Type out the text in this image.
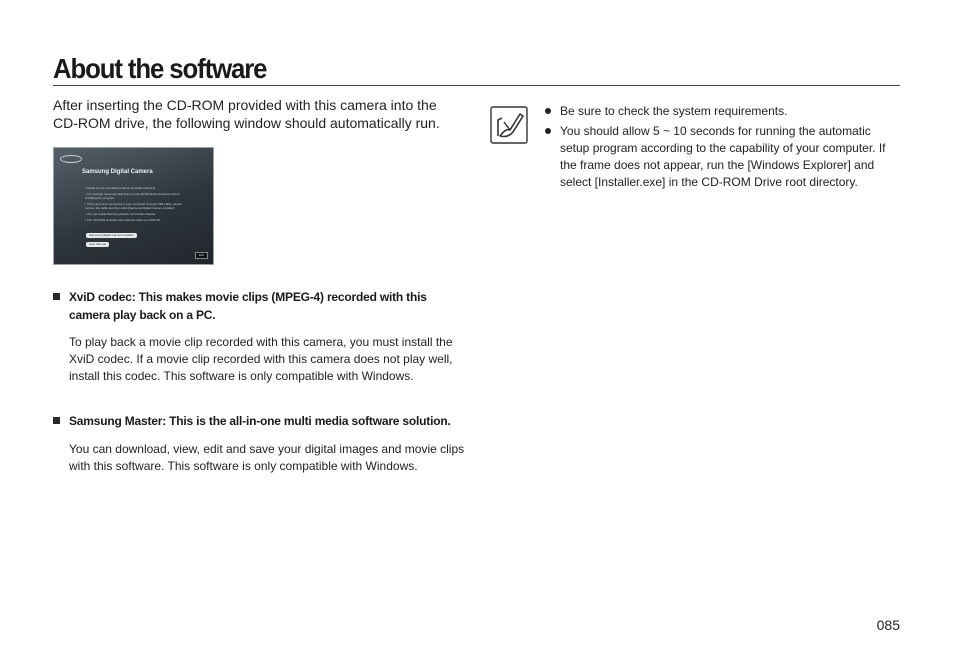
About the software
After inserting the CD-ROM provided with this camera into the CD-ROM drive, the following window should automatically run.
Samsung Digital Camera
• Thank you for purchasing Samsung Digital Camera.
• It is strongly recommended that you exit all Windows programs before
installing this program.
• If the camera is connected to your computer through USB cable, please
remove the cable and then click [Samsung Digital Camera Installer].
• You can install Samsung Master and Adobe Reader.
• The CD-ROM includes User Manual which is a PDF file.
Samsung Digital Camera Installer
User Manual
Exit
XviD codec: This makes movie clips (MPEG-4) recorded with this camera play back on a PC.
To play back a movie clip recorded with this camera, you must install the XviD codec. If a movie clip recorded with this camera does not play well, install this codec. This software is only compatible with Windows.
Samsung Master: This is the all-in-one multi media software solution.
You can download, view, edit and save your digital images and movie clips with this software. This software is only compatible with Windows.
Be sure to check the system requirements.
You should allow 5 ~ 10 seconds for running the automatic setup program according to the capability of your computer. If the frame does not appear, run the [Windows Explorer] and select [Installer.exe] in the CD-ROM Drive root directory.
085
